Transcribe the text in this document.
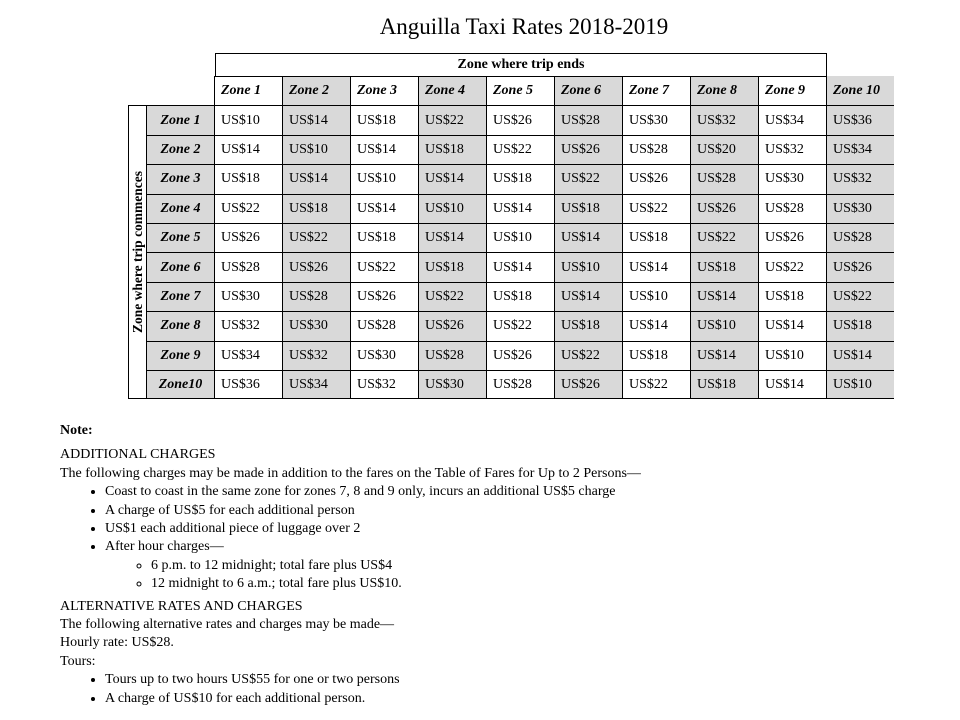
Anguilla Taxi Rates 2018-2019
Zone where trip ends
Zone 1	Zone 2	Zone 3	Zone 4	Zone 5	Zone 6	Zone 7	Zone 8	Zone 9	Zone 10
Zone where trip commences
Zone 1	US$10	US$14	US$18	US$22	US$26	US$28	US$30	US$32	US$34	US$36
Zone 2	US$14	US$10	US$14	US$18	US$22	US$26	US$28	US$20	US$32	US$34
Zone 3	US$18	US$14	US$10	US$14	US$18	US$22	US$26	US$28	US$30	US$32
Zone 4	US$22	US$18	US$14	US$10	US$14	US$18	US$22	US$26	US$28	US$30
Zone 5	US$26	US$22	US$18	US$14	US$10	US$14	US$18	US$22	US$26	US$28
Zone 6	US$28	US$26	US$22	US$18	US$14	US$10	US$14	US$18	US$22	US$26
Zone 7	US$30	US$28	US$26	US$22	US$18	US$14	US$10	US$14	US$18	US$22
Zone 8	US$32	US$30	US$28	US$26	US$22	US$18	US$14	US$10	US$14	US$18
Zone 9	US$34	US$32	US$30	US$28	US$26	US$22	US$18	US$14	US$10	US$14
Zone10	US$36	US$34	US$32	US$30	US$28	US$26	US$22	US$18	US$14	US$10

Note:

ADDITIONAL CHARGES

The following charges may be made in addition to the fares on the Table of Fares for Up to 2 Persons—

• Coast to coast in the same zone for zones 7, 8 and 9 only, incurs an additional US$5 charge
• A charge of US$5 for each additional person
• US$1 each additional piece of luggage over 2
• After hour charges—
◦ 6 p.m. to 12 midnight; total fare plus US$4
◦ 12 midnight to 6 a.m.; total fare plus US$10.

ALTERNATIVE RATES AND CHARGES

The following alternative rates and charges may be made—

Hourly rate: US$28.

Tours:

• Tours up to two hours US$55 for one or two persons
• A charge of US$10 for each additional person.
